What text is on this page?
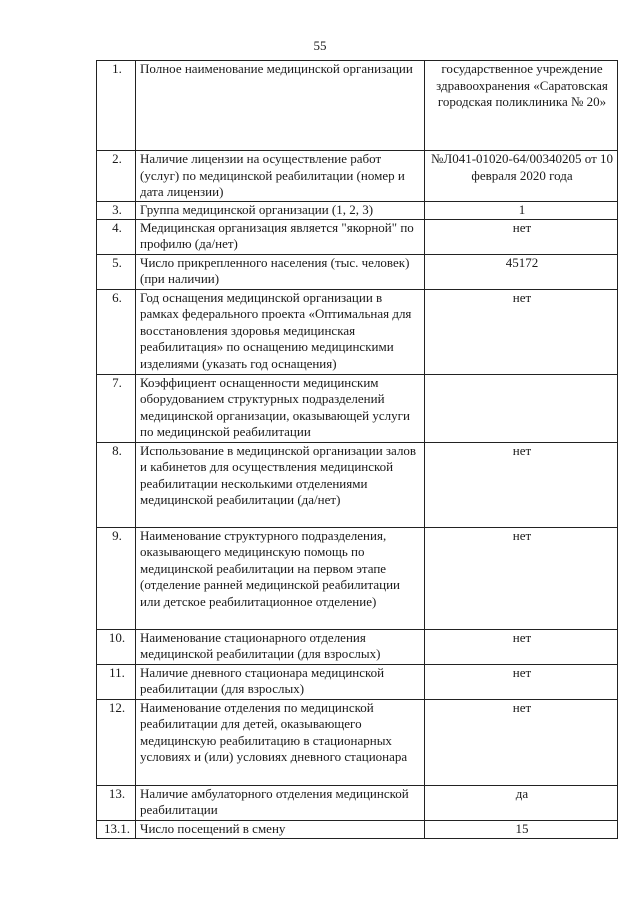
55
1.	Полное наименование медицинской организации	государственное учреждение здравоохранения «Саратовская городская поликлиника № 20»
2.	Наличие лицензии на осуществление работ (услуг) по медицинской реабилитации (номер и дата лицензии)	№Л041-01020-64/00340205 от 10 февраля 2020 года
3.	Группа медицинской организации (1, 2, 3)	1
4.	Медицинская организация является "якорной" по профилю (да/нет)	нет
5.	Число прикрепленного населения (тыс. человек) (при наличии)	45172
6.	Год оснащения медицинской организации в рамках федерального проекта «Оптимальная для восстановления здоровья медицинская реабилитация» по оснащению медицинскими изделиями (указать год оснащения)	нет
7.	Коэффициент оснащенности медицинским оборудованием структурных подразделений медицинской организации, оказывающей услуги по медицинской реабилитации	
8.	Использование в медицинской организации залов и кабинетов для осуществления медицинской реабилитации несколькими отделениями медицинской реабилитации (да/нет)	нет
9.	Наименование структурного подразделения, оказывающего медицинскую помощь по медицинской реабилитации на первом этапе (отделение ранней медицинской реабилитации или детское реабилитационное отделение)	нет
10.	Наименование стационарного отделения медицинской реабилитации (для взрослых)	нет
11.	Наличие дневного стационара медицинской реабилитации (для взрослых)	нет
12.	Наименование отделения по медицинской реабилитации для детей, оказывающего медицинскую реабилитацию в стационарных условиях и (или) условиях дневного стационара	нет
13.	Наличие амбулаторного отделения медицинской реабилитации	да
13.1.	Число посещений в смену	15
